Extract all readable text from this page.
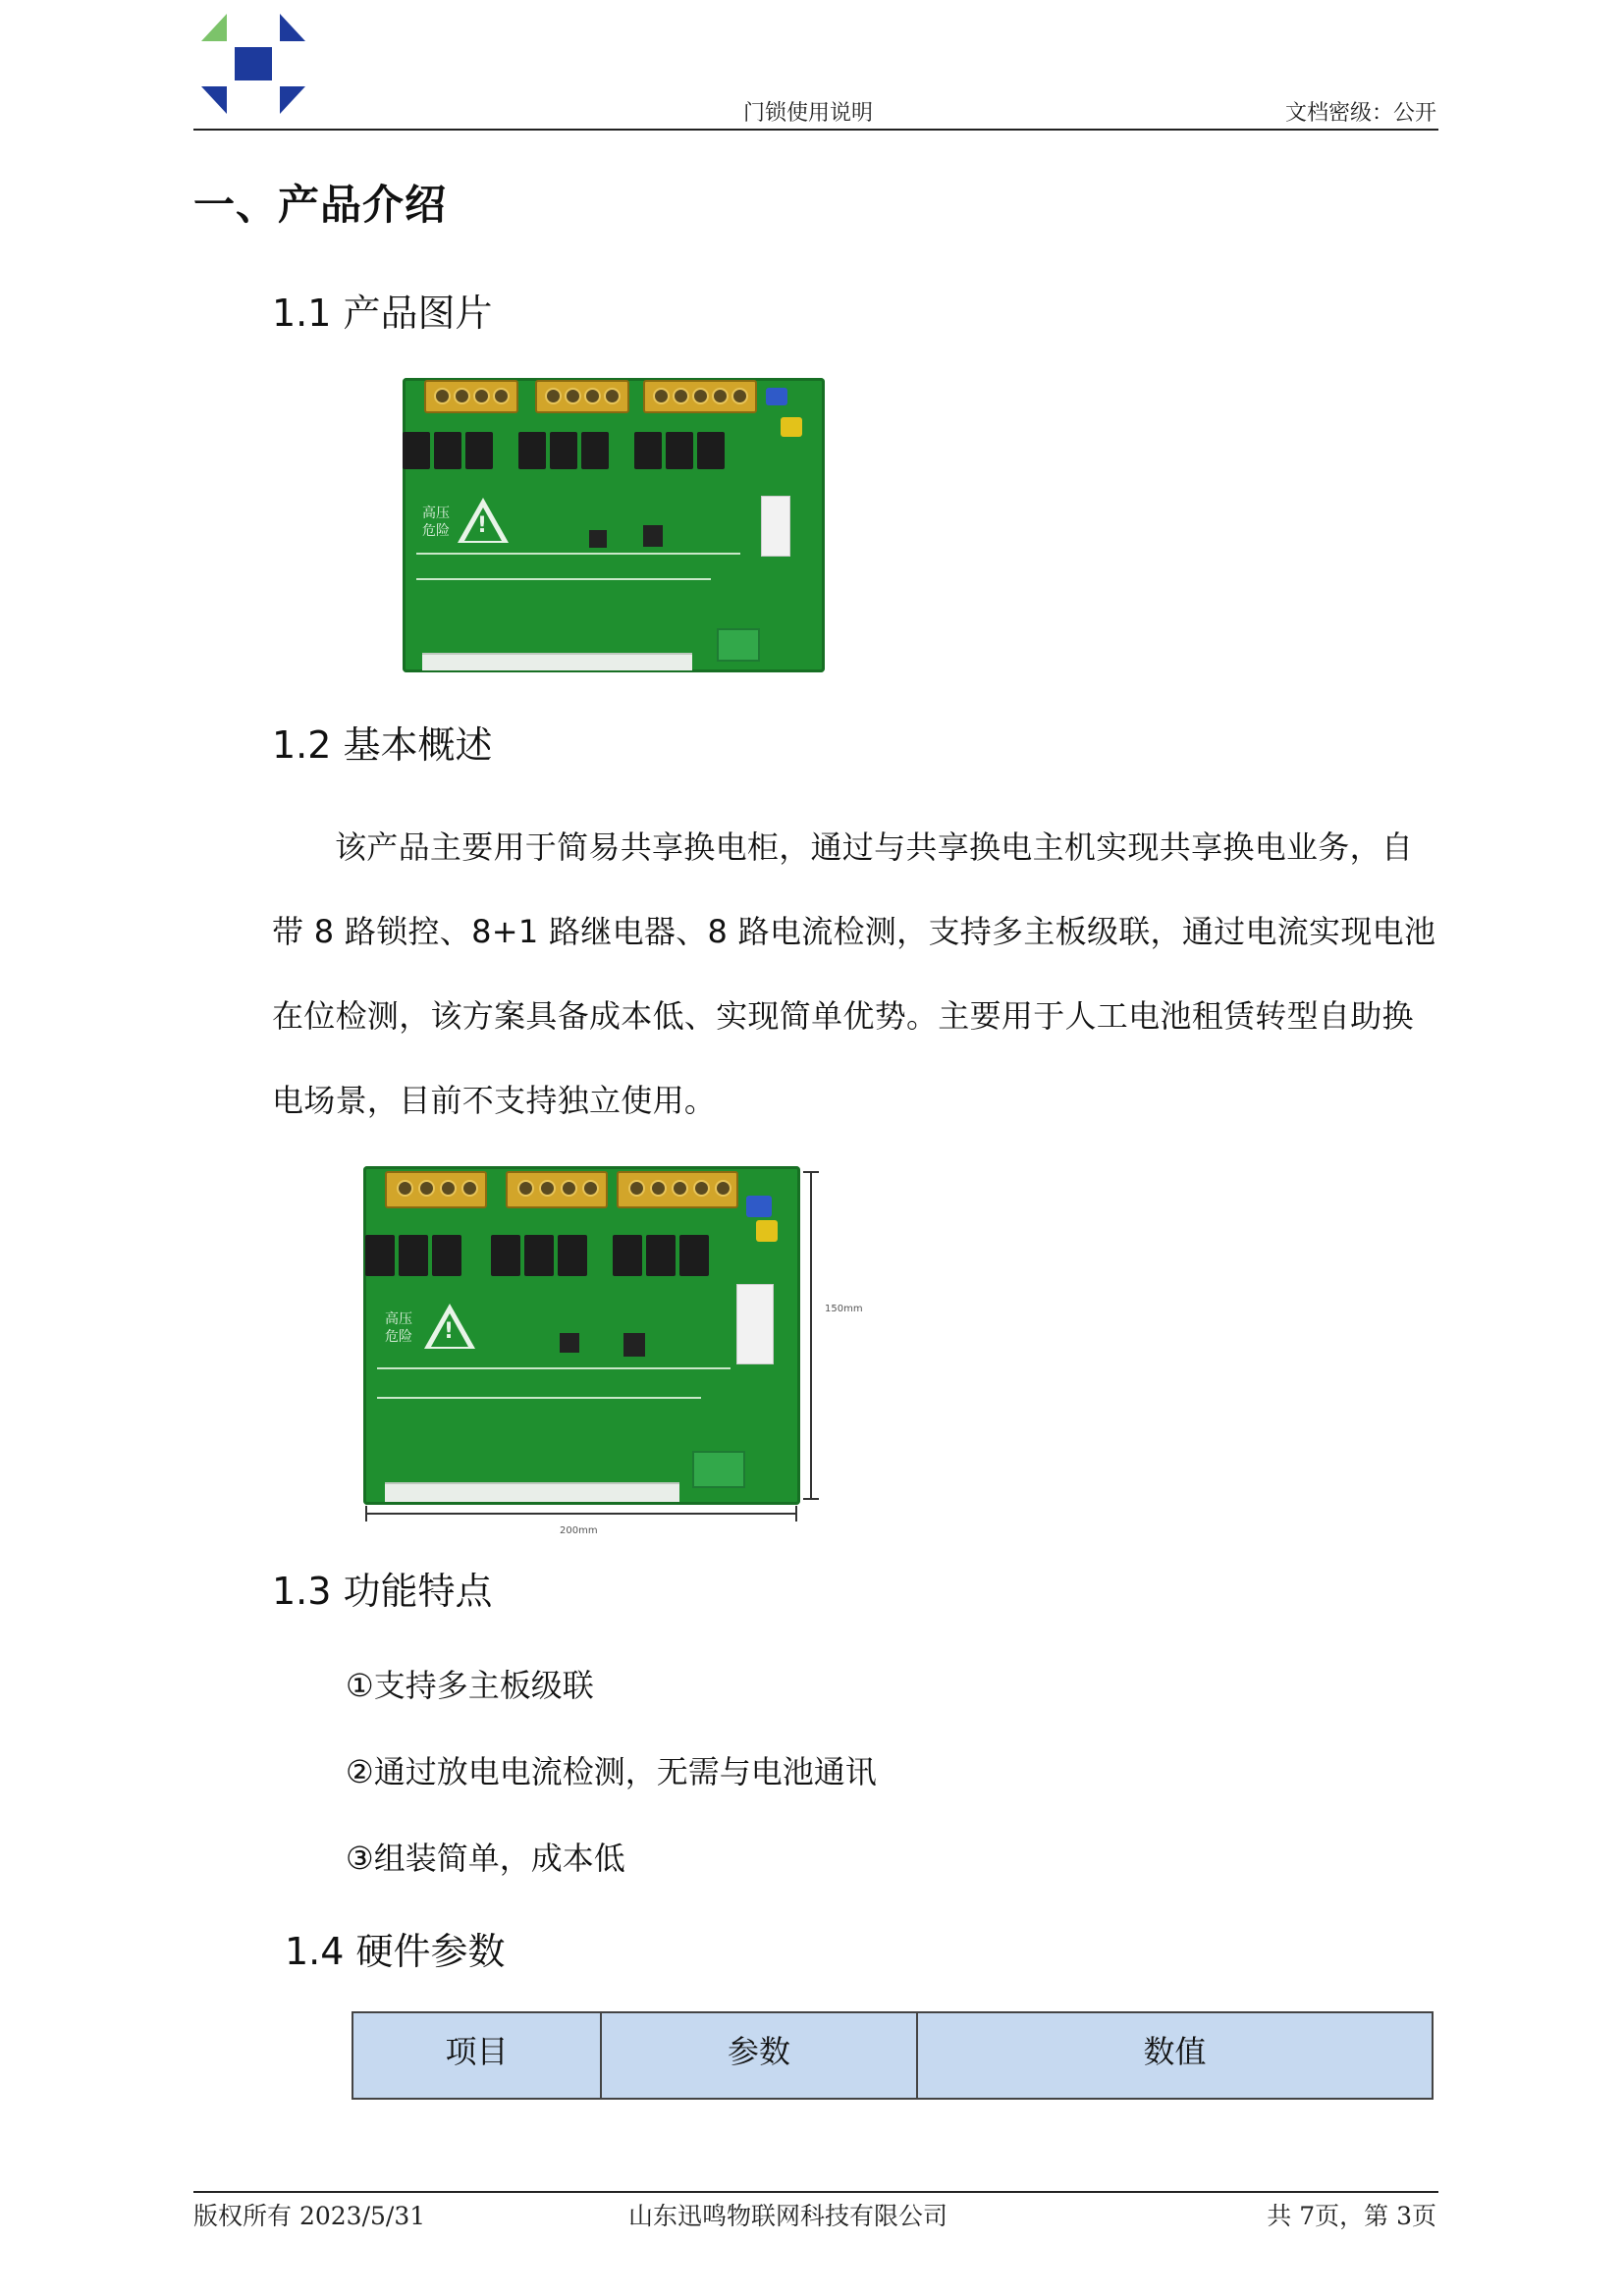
门锁使用说明	文档密级：公开
一、产品介绍
1.1 产品图片
高压
危险 !
1.2 基本概述
该产品主要用于简易共享换电柜，通过与共享换电主机实现共享换电业务，自带 8 路锁控、8+1 路继电器、8 路电流检测，支持多主板级联，通过电流实现电池在位检测，该方案具备成本低、实现简单优势。主要用于人工电池租赁转型自助换电场景，目前不支持独立使用。
高压
危险 !
150mm
200mm
1.3 功能特点
①支持多主板级联
②通过放电电流检测，无需与电池通讯
③组装简单，成本低
1.4 硬件参数
项目	参数	数值
版权所有 2023/5/31	山东迅鸣物联网科技有限公司	共 7页，第 3页
